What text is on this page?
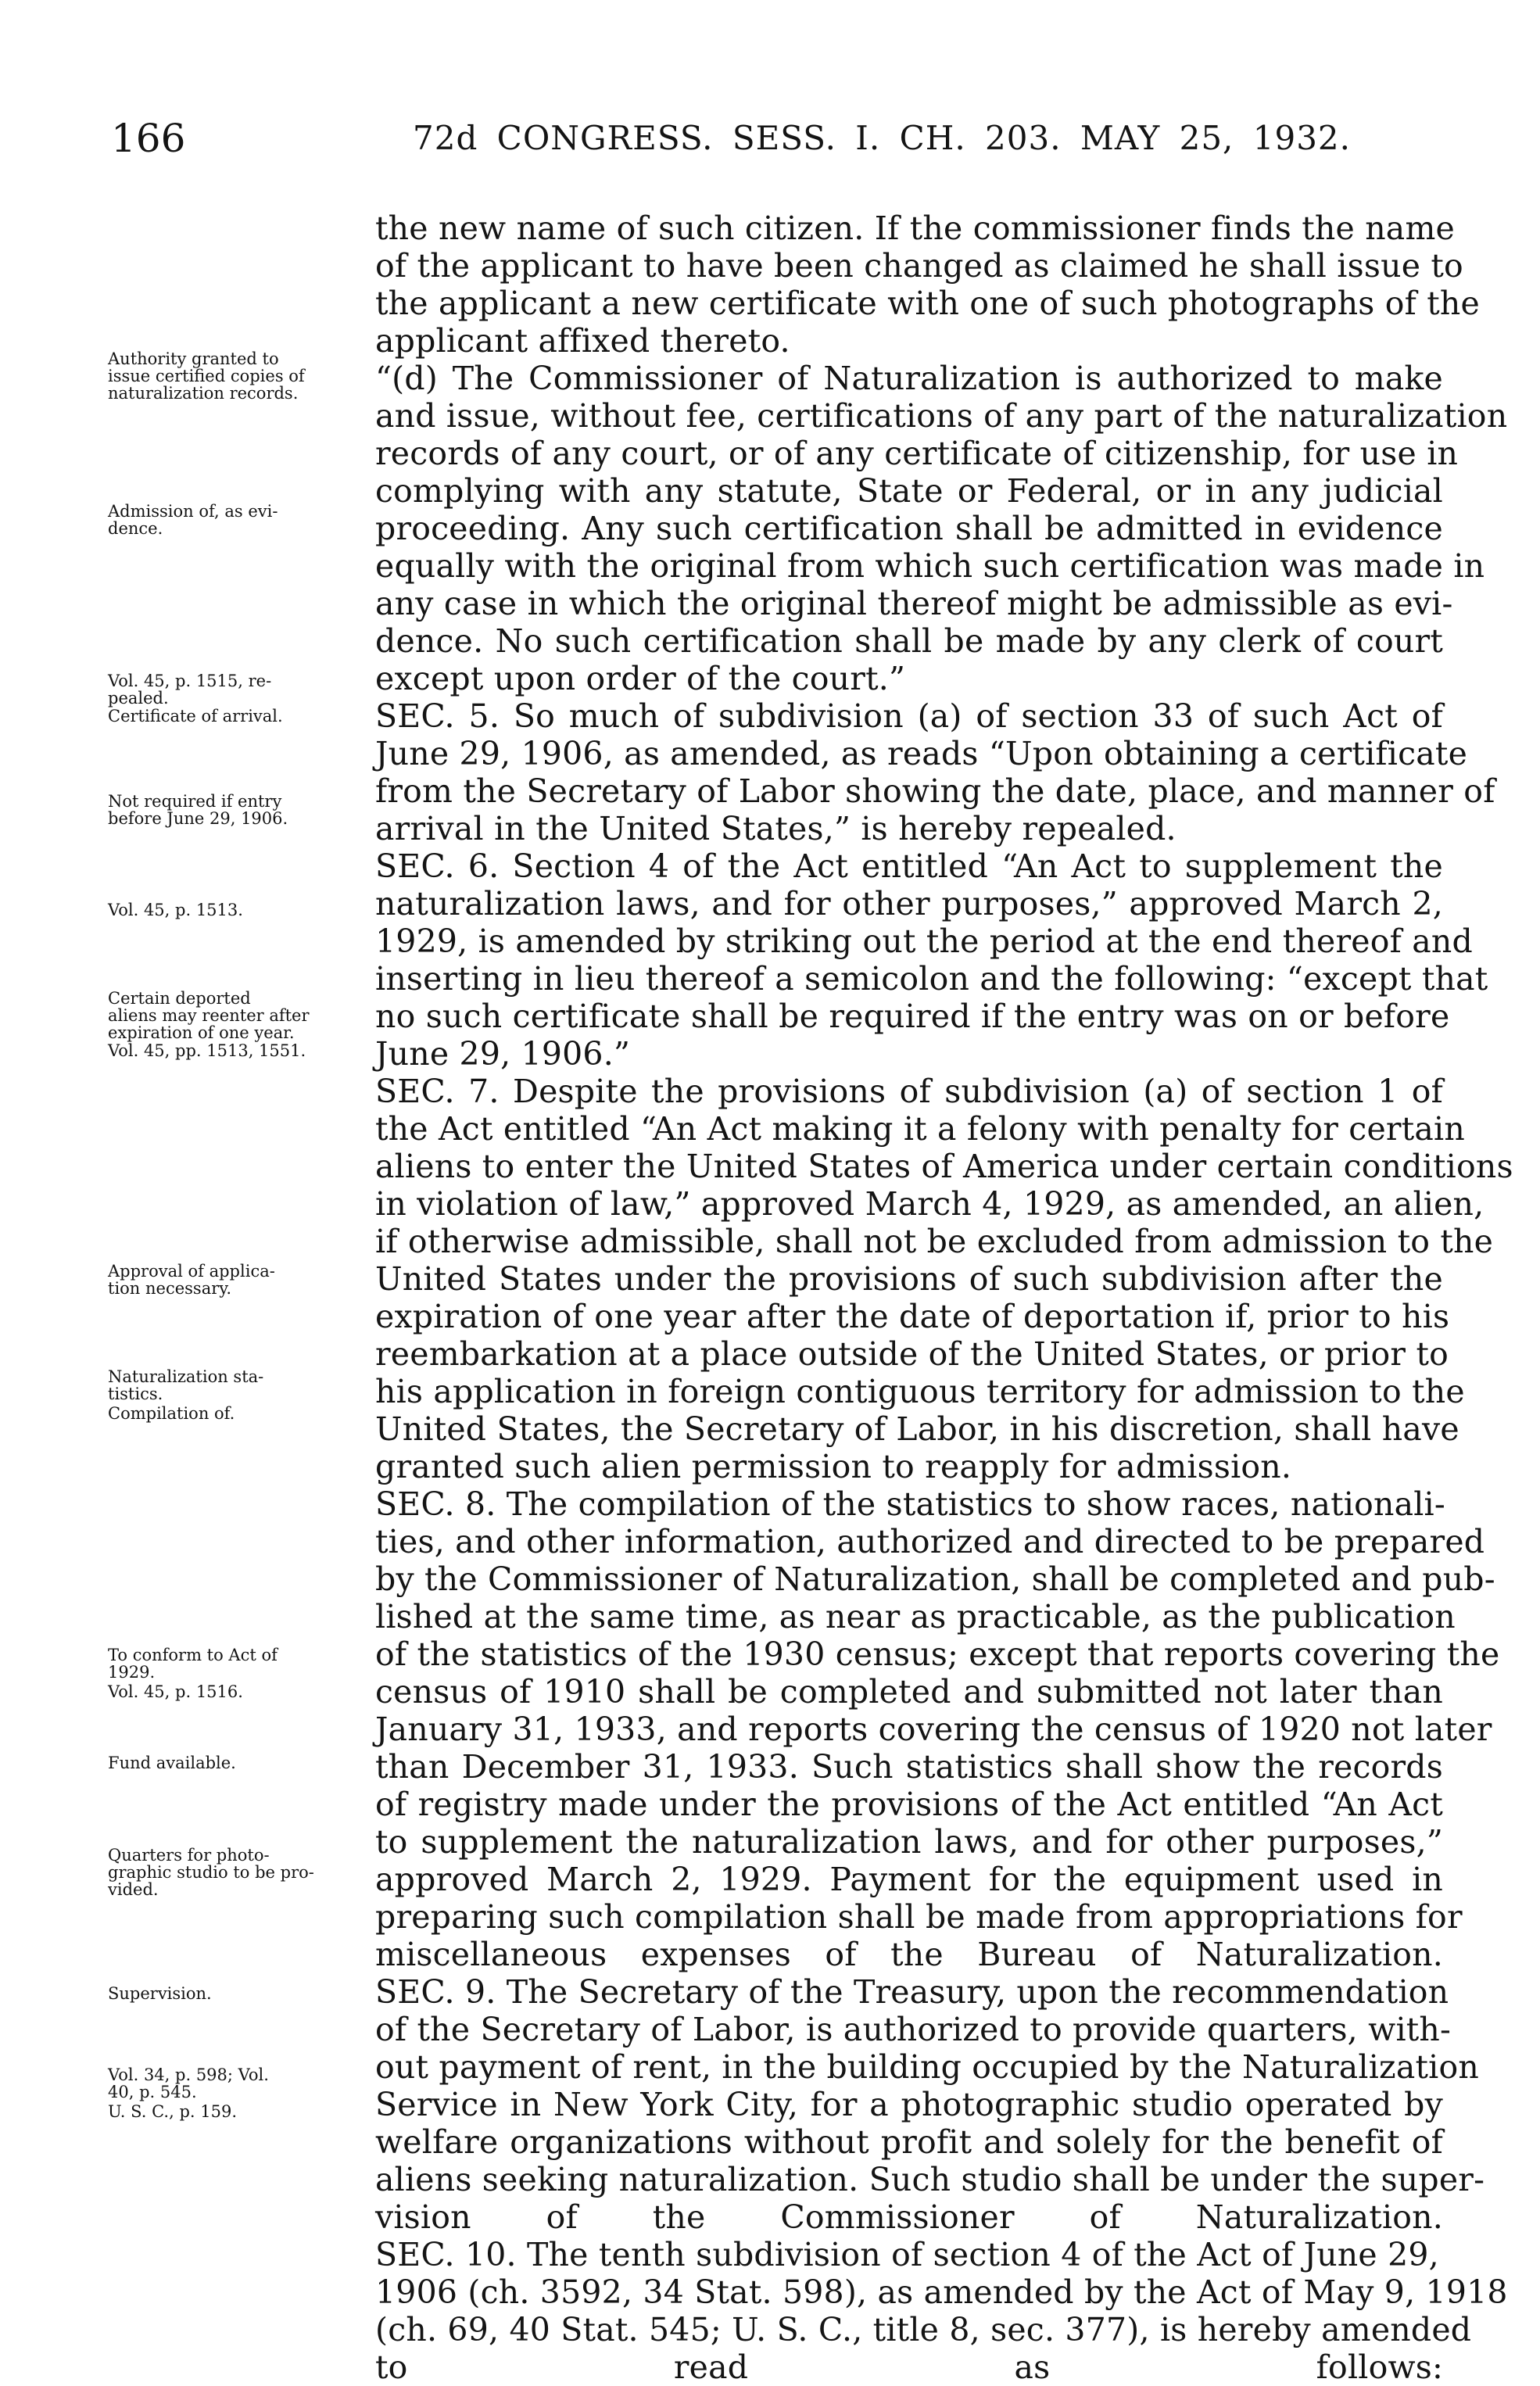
166	72d CONGRESS. SESS. I. CH. 203. MAY 25, 1932.
the new name of such citizen. If the commissioner finds the name
of the applicant to have been changed as claimed he shall issue to
the applicant a new certificate with one of such photographs of the
applicant affixed thereto.
“(d) The Commissioner of Naturalization is authorized to make
and issue, without fee, certifications of any part of the naturalization
records of any court, or of any certificate of citizenship, for use in
complying with any statute, State or Federal, or in any judicial
proceeding. Any such certification shall be admitted in evidence
equally with the original from which such certification was made in
any case in which the original thereof might be admissible as evi-
dence. No such certification shall be made by any clerk of court
except upon order of the court.”
SEC. 5. So much of subdivision (a) of section 33 of such Act of
June 29, 1906, as amended, as reads “Upon obtaining a certificate
from the Secretary of Labor showing the date, place, and manner of
arrival in the United States,” is hereby repealed.
SEC. 6. Section 4 of the Act entitled “An Act to supplement the
naturalization laws, and for other purposes,” approved March 2,
1929, is amended by striking out the period at the end thereof and
inserting in lieu thereof a semicolon and the following: “except that
no such certificate shall be required if the entry was on or before
June 29, 1906.”
SEC. 7. Despite the provisions of subdivision (a) of section 1 of
the Act entitled “An Act making it a felony with penalty for certain
aliens to enter the United States of America under certain conditions
in violation of law,” approved March 4, 1929, as amended, an alien,
if otherwise admissible, shall not be excluded from admission to the
United States under the provisions of such subdivision after the
expiration of one year after the date of deportation if, prior to his
reembarkation at a place outside of the United States, or prior to
his application in foreign contiguous territory for admission to the
United States, the Secretary of Labor, in his discretion, shall have
granted such alien permission to reapply for admission.
SEC. 8. The compilation of the statistics to show races, nationali-
ties, and other information, authorized and directed to be prepared
by the Commissioner of Naturalization, shall be completed and pub-
lished at the same time, as near as practicable, as the publication
of the statistics of the 1930 census; except that reports covering the
census of 1910 shall be completed and submitted not later than
January 31, 1933, and reports covering the census of 1920 not later
than December 31, 1933. Such statistics shall show the records
of registry made under the provisions of the Act entitled “An Act
to supplement the naturalization laws, and for other purposes,”
approved March 2, 1929. Payment for the equipment used in
preparing such compilation shall be made from appropriations for
miscellaneous expenses of the Bureau of Naturalization.
SEC. 9. The Secretary of the Treasury, upon the recommendation
of the Secretary of Labor, is authorized to provide quarters, with-
out payment of rent, in the building occupied by the Naturalization
Service in New York City, for a photographic studio operated by
welfare organizations without profit and solely for the benefit of
aliens seeking naturalization. Such studio shall be under the super-
vision of the Commissioner of Naturalization.
SEC. 10. The tenth subdivision of section 4 of the Act of June 29,
1906 (ch. 3592, 34 Stat. 598), as amended by the Act of May 9, 1918
(ch. 69, 40 Stat. 545; U. S. C., title 8, sec. 377), is hereby amended
to read as follows:
Authority granted to
issue certified copies of
naturalization records.
Admission of, as evi-
dence.
Vol. 45, p. 1515, re-
pealed.
Certificate of arrival.
Not required if entry
before June 29, 1906.
Vol. 45, p. 1513.
Certain deported
aliens may reenter after
expiration of one year.
Vol. 45, pp. 1513, 1551.
Approval of applica-
tion necessary.
Naturalization sta-
tistics.
Compilation of.
To conform to Act of
1929.
Vol. 45, p. 1516.
Fund available.
Quarters for photo-
graphic studio to be pro-
vided.
Supervision.
Vol. 34, p. 598; Vol.
40, p. 545.
U. S. C., p. 159.
